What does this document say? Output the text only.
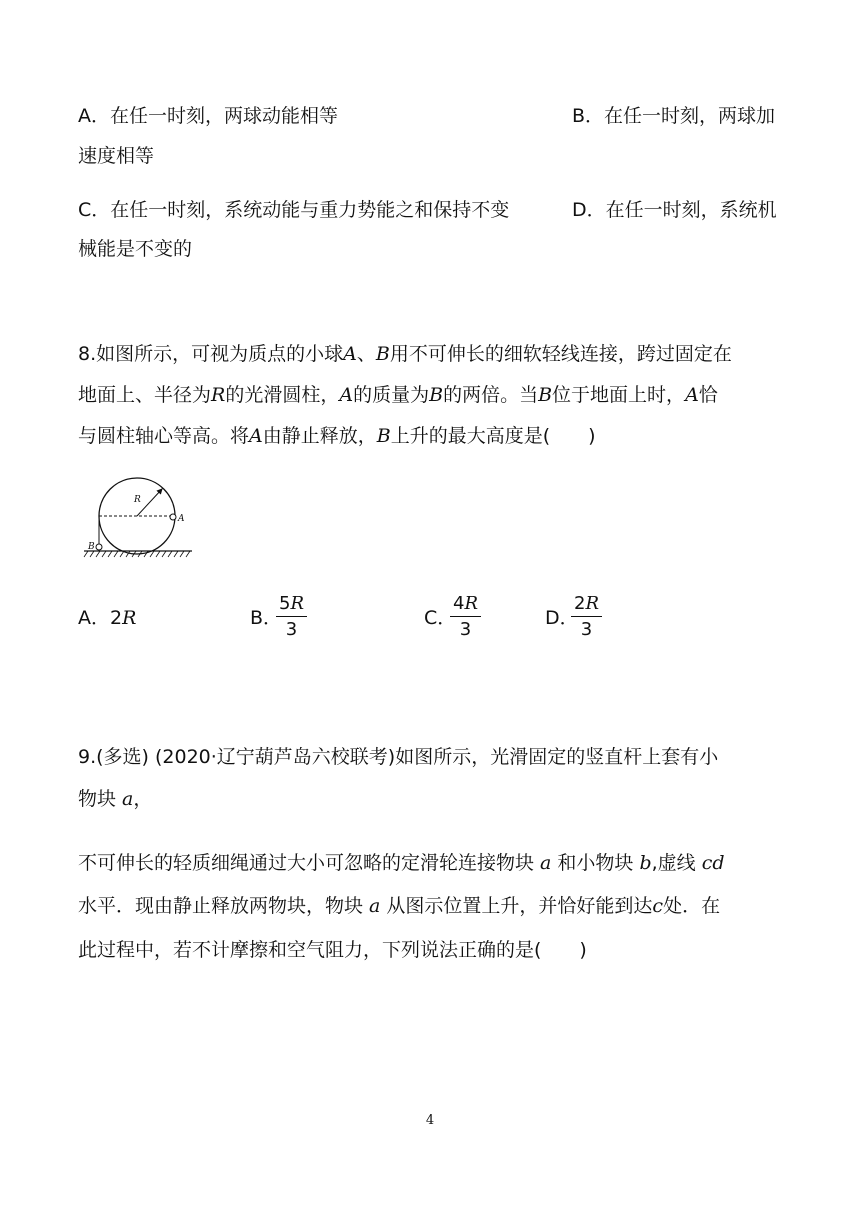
A．在任一时刻，两球动能相等	B．在任一时刻，两球加
速度相等
C．在任一时刻，系统动能与重力势能之和保持不变	D．在任一时刻，系统机
械能是不变的
8.如图所示，可视为质点的小球A、B用不可伸长的细软轻线连接，跨过固定在
地面上、半径为R的光滑圆柱，A的质量为B的两倍。当B位于地面上时，A恰
与圆柱轴心等高。将A由静止释放，B上升的最大高度是(　　)
R
A
B
A．2R	B．
$\frac{5R}{3}$	C．
$\frac{4R}{3}$	D．
$\frac{2R}{3}$
9.(多选) (2020·辽宁葫芦岛六校联考)如图所示，光滑固定的竖直杆上套有小
物块 a，
不可伸长的轻质细绳通过大小可忽略的定滑轮连接物块 a 和小物块 b,虚线 cd
水平．现由静止释放两物块，物块 a 从图示位置上升，并恰好能到达c处．在
此过程中，若不计摩擦和空气阻力，下列说法正确的是(　　)
4
